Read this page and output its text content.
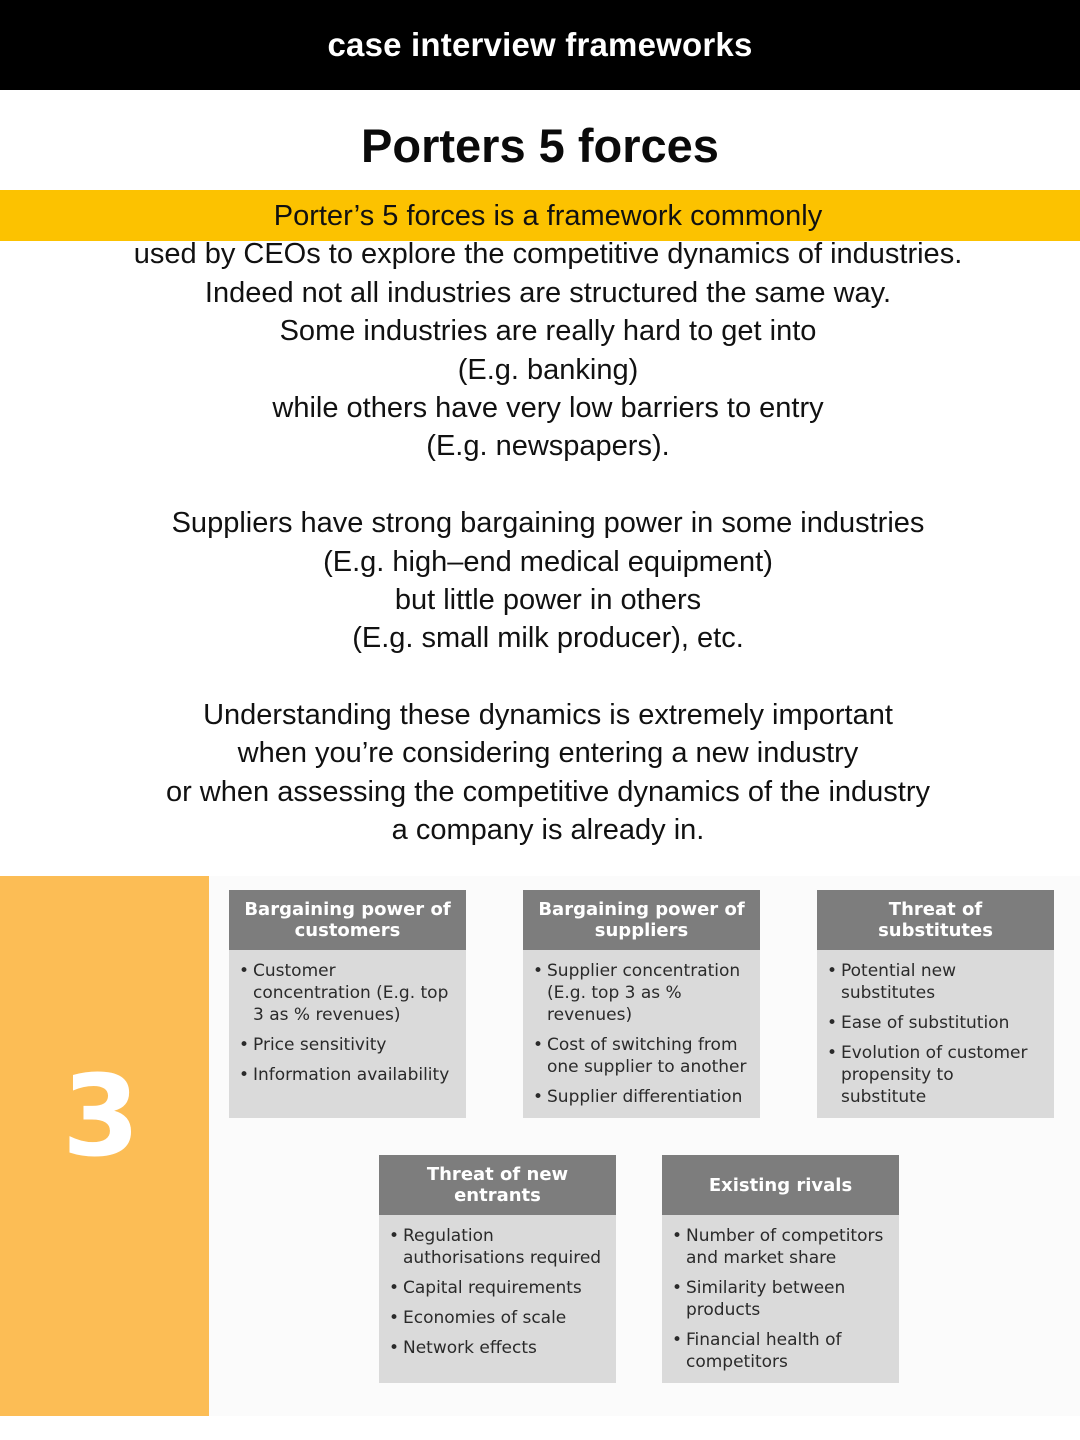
case interview frameworks
Porters 5 forces
Porter’s 5 forces is a framework commonly
used by CEOs to explore the competitive dynamics of industries.
Indeed not all industries are structured the same way.
Some industries are really hard to get into
(E.g. banking)
while others have very low barriers to entry
(E.g. newspapers).
Suppliers have strong bargaining power in some industries
(E.g. high–end medical equipment)
but little power in others
(E.g. small milk producer), etc.
Understanding these dynamics is extremely important
when you’re considering entering a new industry
or when assessing the competitive dynamics of the industry
a company is already in.
3
Bargaining power of customers
• Customer concentration (E.g. top 3 as % revenues)
• Price sensitivity
• Information availability
Bargaining power of suppliers
• Supplier concentration (E.g. top 3 as % revenues)
• Cost of switching from one supplier to another
• Supplier differentiation
Threat of substitutes
• Potential new substitutes
• Ease of substitution
• Evolution of customer propensity to substitute
Threat of new entrants
• Regulation authorisations required
• Capital requirements
• Economies of scale
• Network effects
Existing rivals
• Number of competitors and market share
• Similarity between products
• Financial health of competitors
